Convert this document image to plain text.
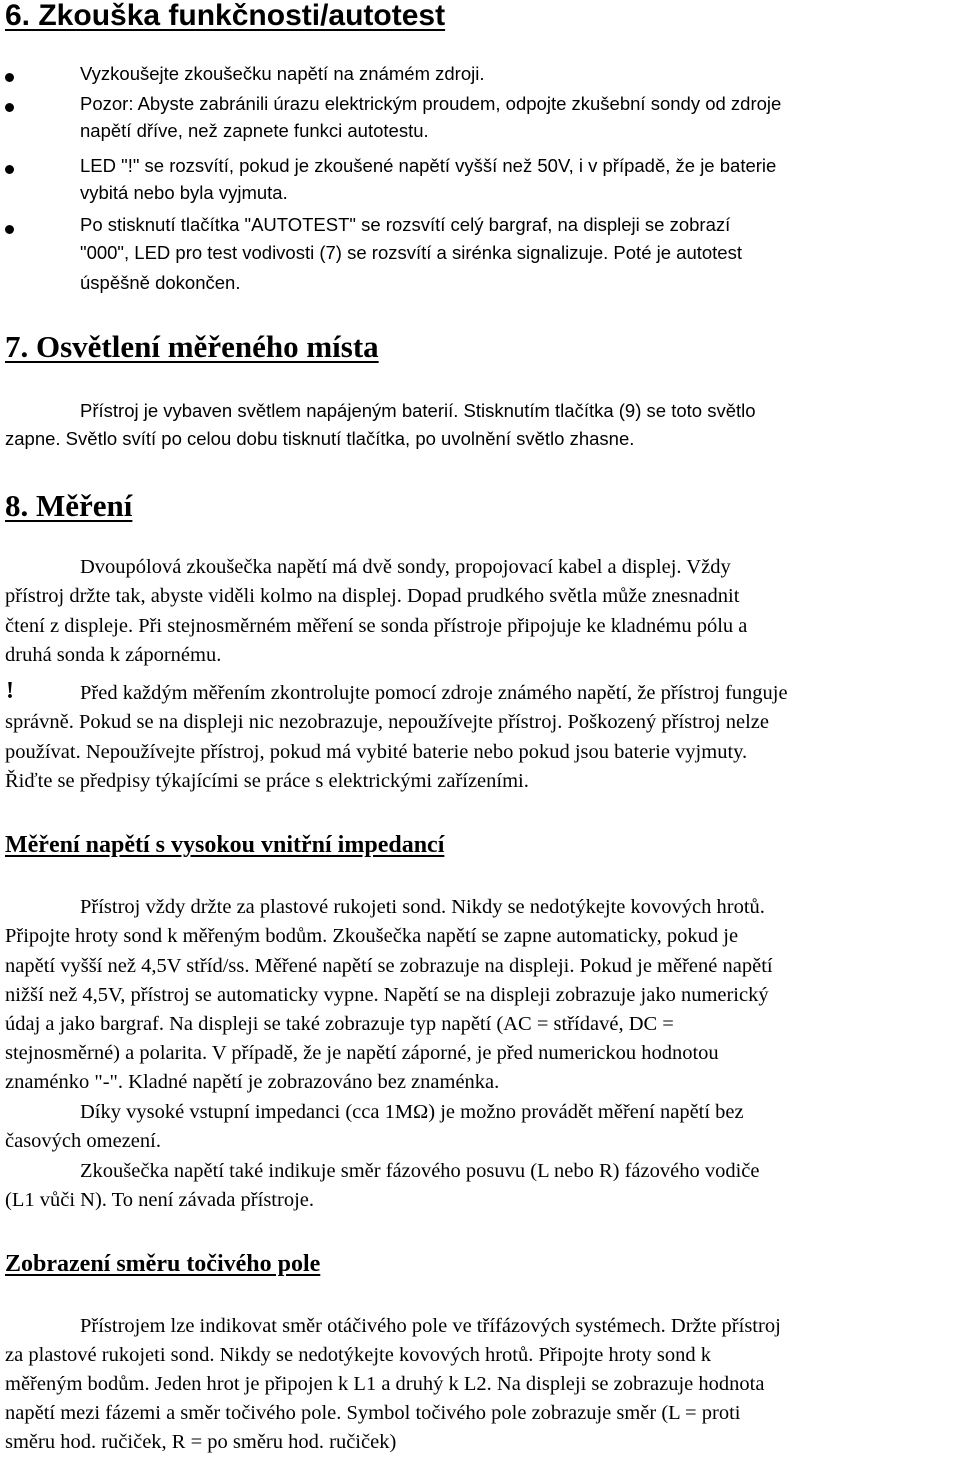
6. Zkouška funkčnosti/autotest
Vyzkoušejte zkoušečku napětí na známém zdroji.
Pozor: Abyste zabránili úrazu elektrickým proudem, odpojte zkušební sondy od zdroje
napětí dříve, než zapnete funkci autotestu.
LED "!" se rozsvítí, pokud je zkoušené napětí vyšší než 50V, i v případě, že je baterie
vybitá nebo byla vyjmuta.
Po stisknutí tlačítka "AUTOTEST" se rozsvítí celý bargraf, na displeji se zobrazí
"000", LED pro test vodivosti (7) se rozsvítí a sirénka signalizuje. Poté je autotest
úspěšně dokončen.
7. Osvětlení měřeného místa
Přístroj je vybaven světlem napájeným baterií. Stisknutím tlačítka (9) se toto světlo
zapne. Světlo svítí po celou dobu tisknutí tlačítka, po uvolnění světlo zhasne.
8. Měření
Dvoupólová zkoušečka napětí má dvě sondy, propojovací kabel a displej. Vždy
přístroj držte tak, abyste viděli kolmo na displej. Dopad prudkého světla může znesnadnit
čtení z displeje. Při stejnosměrném měření se sonda přístroje připojuje ke kladnému pólu a
druhá sonda k zápornému.
!	Před každým měřením zkontrolujte pomocí zdroje známého napětí, že přístroj funguje
správně. Pokud se na displeji nic nezobrazuje, nepoužívejte přístroj. Poškozený přístroj nelze
používat. Nepoužívejte přístroj, pokud má vybité baterie nebo pokud jsou baterie vyjmuty.
Řiďte se předpisy týkajícími se práce s elektrickými zařízeními.
Měření napětí s vysokou vnitřní impedancí
Přístroj vždy držte za plastové rukojeti sond. Nikdy se nedotýkejte kovových hrotů.
Připojte hroty sond k měřeným bodům. Zkoušečka napětí se zapne automaticky, pokud je
napětí vyšší než 4,5V stříd/ss. Měřené napětí se zobrazuje na displeji. Pokud je měřené napětí
nižší než 4,5V, přístroj se automaticky vypne. Napětí se na displeji zobrazuje jako numerický
údaj a jako bargraf. Na displeji se také zobrazuje typ napětí (AC = střídavé, DC =
stejnosměrné) a polarita. V případě, že je napětí záporné, je před numerickou hodnotou
znaménko "-". Kladné napětí je zobrazováno bez znaménka.
Díky vysoké vstupní impedanci (cca 1MΩ) je možno provádět měření napětí bez
časových omezení.
Zkoušečka napětí také indikuje směr fázového posuvu (L nebo R) fázového vodiče
(L1 vůči N). To není závada přístroje.
Zobrazení směru točivého pole
Přístrojem lze indikovat směr otáčivého pole ve třífázových systémech. Držte přístroj
za plastové rukojeti sond. Nikdy se nedotýkejte kovových hrotů. Připojte hroty sond k
měřeným bodům. Jeden hrot je připojen k L1 a druhý k L2. Na displeji se zobrazuje hodnota
napětí mezi fázemi a směr točivého pole. Symbol točivého pole zobrazuje směr (L = proti
směru hod. ručiček, R = po směru hod. ručiček)
